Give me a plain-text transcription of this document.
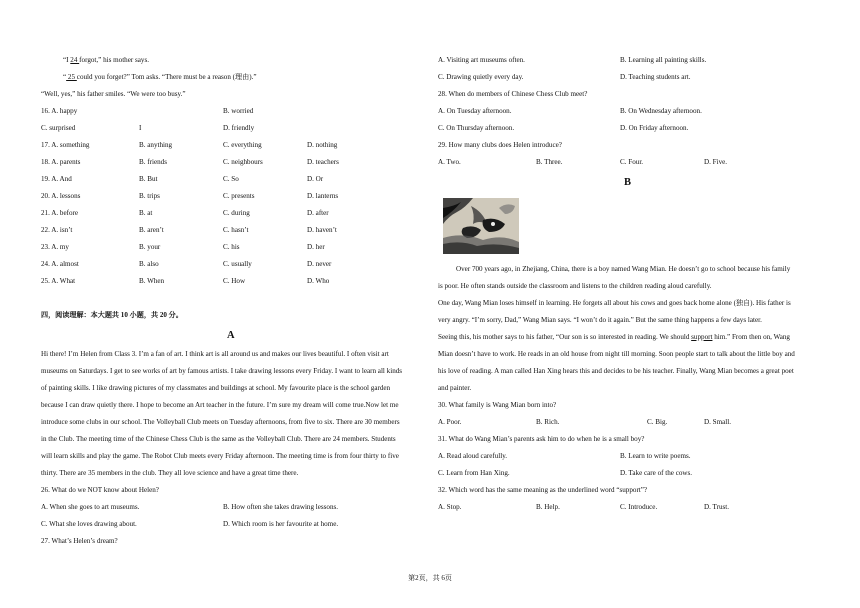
“I 24 forgot,” his mother says.
“ 25 could you forget?” Tom asks. “There must be a reason (理由).”
“Well, yes,” his father smiles. “We were too busy.”
16. A. happy	B. worried
C. surprised	I	D. friendly
17. A. something	B. anything	C. everything	D. nothing
18. A. parents	B. friends	C. neighbours	D. teachers
19. A. And	B. But	C. So	D. Or
20. A. lessons	B. trips	C. presents	D. lanterns
21. A. before	B. at	C. during	D. after
22. A. isn’t	B. aren’t	C. hasn’t	D. haven’t
23. A. my	B. your	C. his	D. her
24. A. almost	B. also	C. usually	D. never
25. A. What	B. When	C. How	D. Who
四，阅读理解：本大题共 10 小题，共 20 分。
A
Hi there! I’m Helen from Class 3. I’m a fan of art. I think art is all around us and makes our lives beautiful. I often visit art
museums on Saturdays. I get to see works of art by famous artists. I take drawing lessons every Friday. I want to learn all kinds
of painting skills. I like drawing pictures of my classmates and buildings at school. My favourite place is the school garden
because I can draw quietly there. I hope to become an Art teacher in the future. I’m sure my dream will come true.Now let me
introduce some clubs in our school. The Volleyball Club meets on Tuesday afternoons, from five to six. There are 30 members
in the Club. The meeting time of the Chinese Chess Club is the same as the Volleyball Club. There are 24 members. Students
will learn skills and play the game. The Robot Club meets every Friday afternoon. The meeting time is from four thirty to five
thirty. There are 35 members in the club. They all love science and have a great time there.
26. What do we NOT know about Helen?
A. When she goes to art museums.	B. How often she takes drawing lessons.
C. What she loves drawing about.	D. Which room is her favourite at home.
27. What’s Helen’s dream?
A. Visiting art museums often.	B. Learning all painting skills.
C. Drawing quietly every day.	D. Teaching students art.
28. When do members of Chinese Chess Club meet?
A. On Tuesday afternoon.	B. On Wednesday afternoon.
C. On Thursday afternoon.	D. On Friday afternoon.
29. How many clubs does Helen introduce?
A. Two.	B. Three.	C. Four.	D. Five.
B
Over 700 years ago, in Zhejiang, China, there is a boy named Wang Mian. He doesn’t go to school because his family
is poor. He often stands outside the classroom and listens to the children reading aloud carefully.
One day, Wang Mian loses himself in learning. He forgets all about his cows and goes back home alone (独自). His father is
very angry. “I’m sorry, Dad,” Wang Mian says. “I won’t do it again.” But the same thing happens a few days later.
Seeing this, his mother says to his father, “Our son is so interested in reading. We should support him.” From then on, Wang
Mian doesn’t have to work. He reads in an old house from night till morning. Soon people start to talk about the little boy and
his love of reading. A man called Han Xing hears this and decides to be his teacher. Finally, Wang Mian becomes a great poet
and painter.
30. What family is Wang Mian born into?
A. Poor.	B. Rich.	C. Big.	D. Small.
31. What do Wang Mian’s parents ask him to do when he is a small boy?
A. Read aloud carefully.	B. Learn to write poems.
C. Learn from Han Xing.	D. Take care of the cows.
32. Which word has the same meaning as the underlined word “support”?
A. Stop.	B. Help.	C. Introduce.	D. Trust.
第2页，共 6页
